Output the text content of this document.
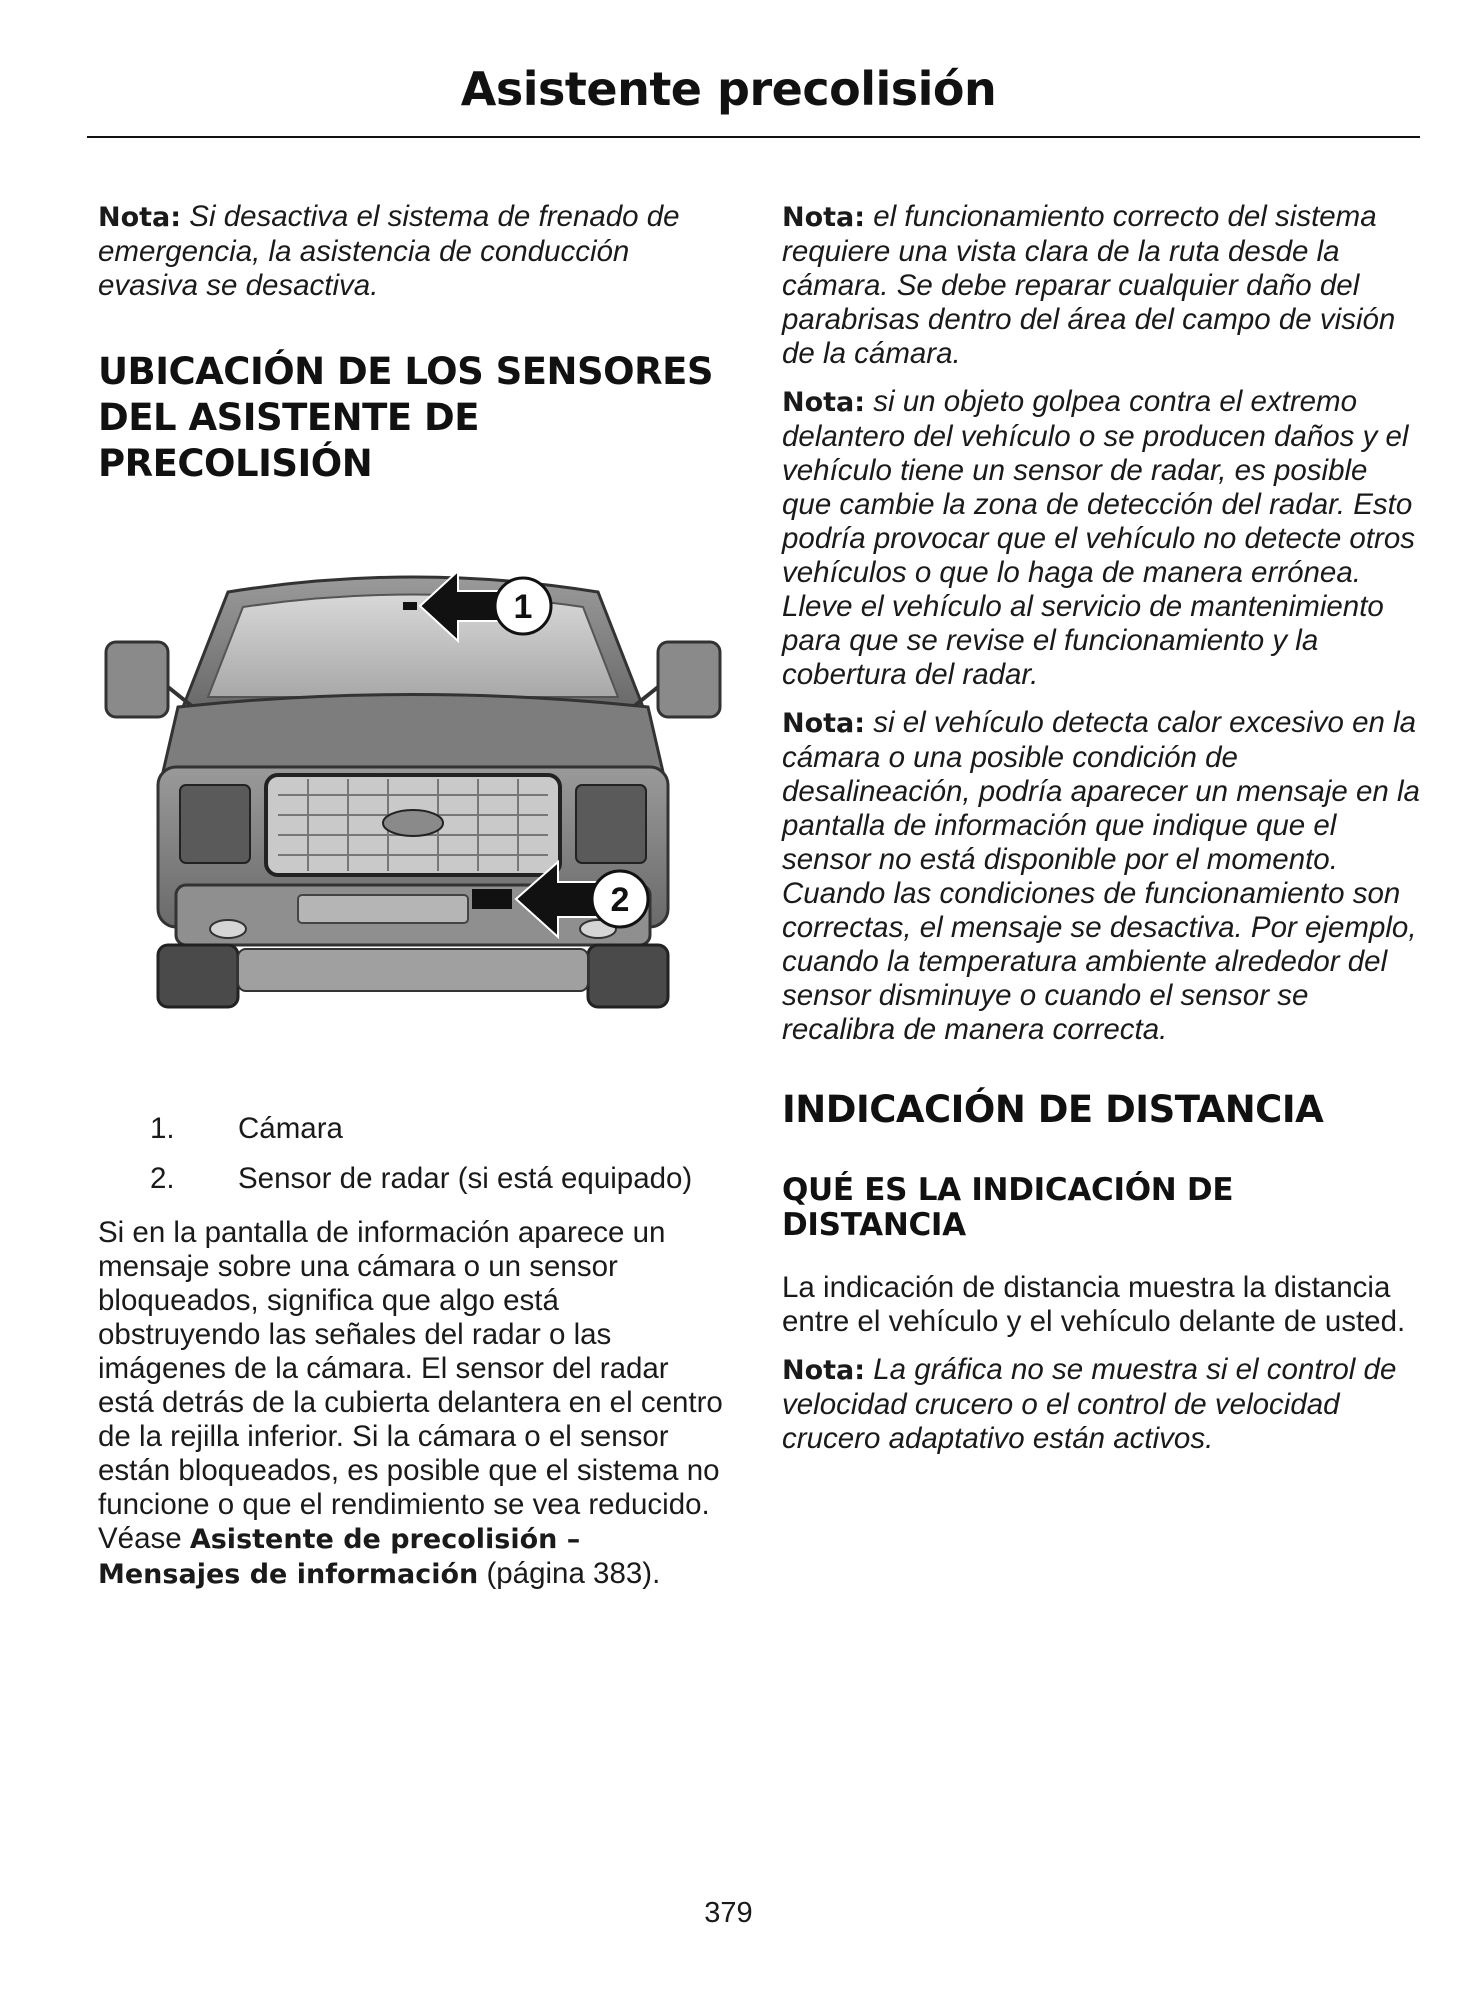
Asistente precolisión

Nota: Si desactiva el sistema de frenado de emergencia, la asistencia de conducción evasiva se desactiva.

UBICACIÓN DE LOS SENSORES DEL ASISTENTE DE PRECOLISIÓN
1
2
1.	Cámara
2.	Sensor de radar (si está equipado)

Si en la pantalla de información aparece un mensaje sobre una cámara o un sensor bloqueados, significa que algo está obstruyendo las señales del radar o las imágenes de la cámara. El sensor del radar está detrás de la cubierta delantera en el centro de la rejilla inferior. Si la cámara o el sensor están bloqueados, es posible que el sistema no funcione o que el rendimiento se vea reducido. Véase Asistente de precolisión – Mensajes de información (página 383).

Nota: el funcionamiento correcto del sistema requiere una vista clara de la ruta desde la cámara. Se debe reparar cualquier daño del parabrisas dentro del área del campo de visión de la cámara.

Nota: si un objeto golpea contra el extremo delantero del vehículo o se producen daños y el vehículo tiene un sensor de radar, es posible que cambie la zona de detección del radar. Esto podría provocar que el vehículo no detecte otros vehículos o que lo haga de manera errónea. Lleve el vehículo al servicio de mantenimiento para que se revise el funcionamiento y la cobertura del radar.

Nota: si el vehículo detecta calor excesivo en la cámara o una posible condición de desalineación, podría aparecer un mensaje en la pantalla de información que indique que el sensor no está disponible por el momento. Cuando las condiciones de funcionamiento son correctas, el mensaje se desactiva. Por ejemplo, cuando la temperatura ambiente alrededor del sensor disminuye o cuando el sensor se recalibra de manera correcta.

INDICACIÓN DE DISTANCIA
QUÉ ES LA INDICACIÓN DE DISTANCIA

La indicación de distancia muestra la distancia entre el vehículo y el vehículo delante de usted.

Nota: La gráfica no se muestra si el control de velocidad crucero o el control de velocidad crucero adaptativo están activos.

379
